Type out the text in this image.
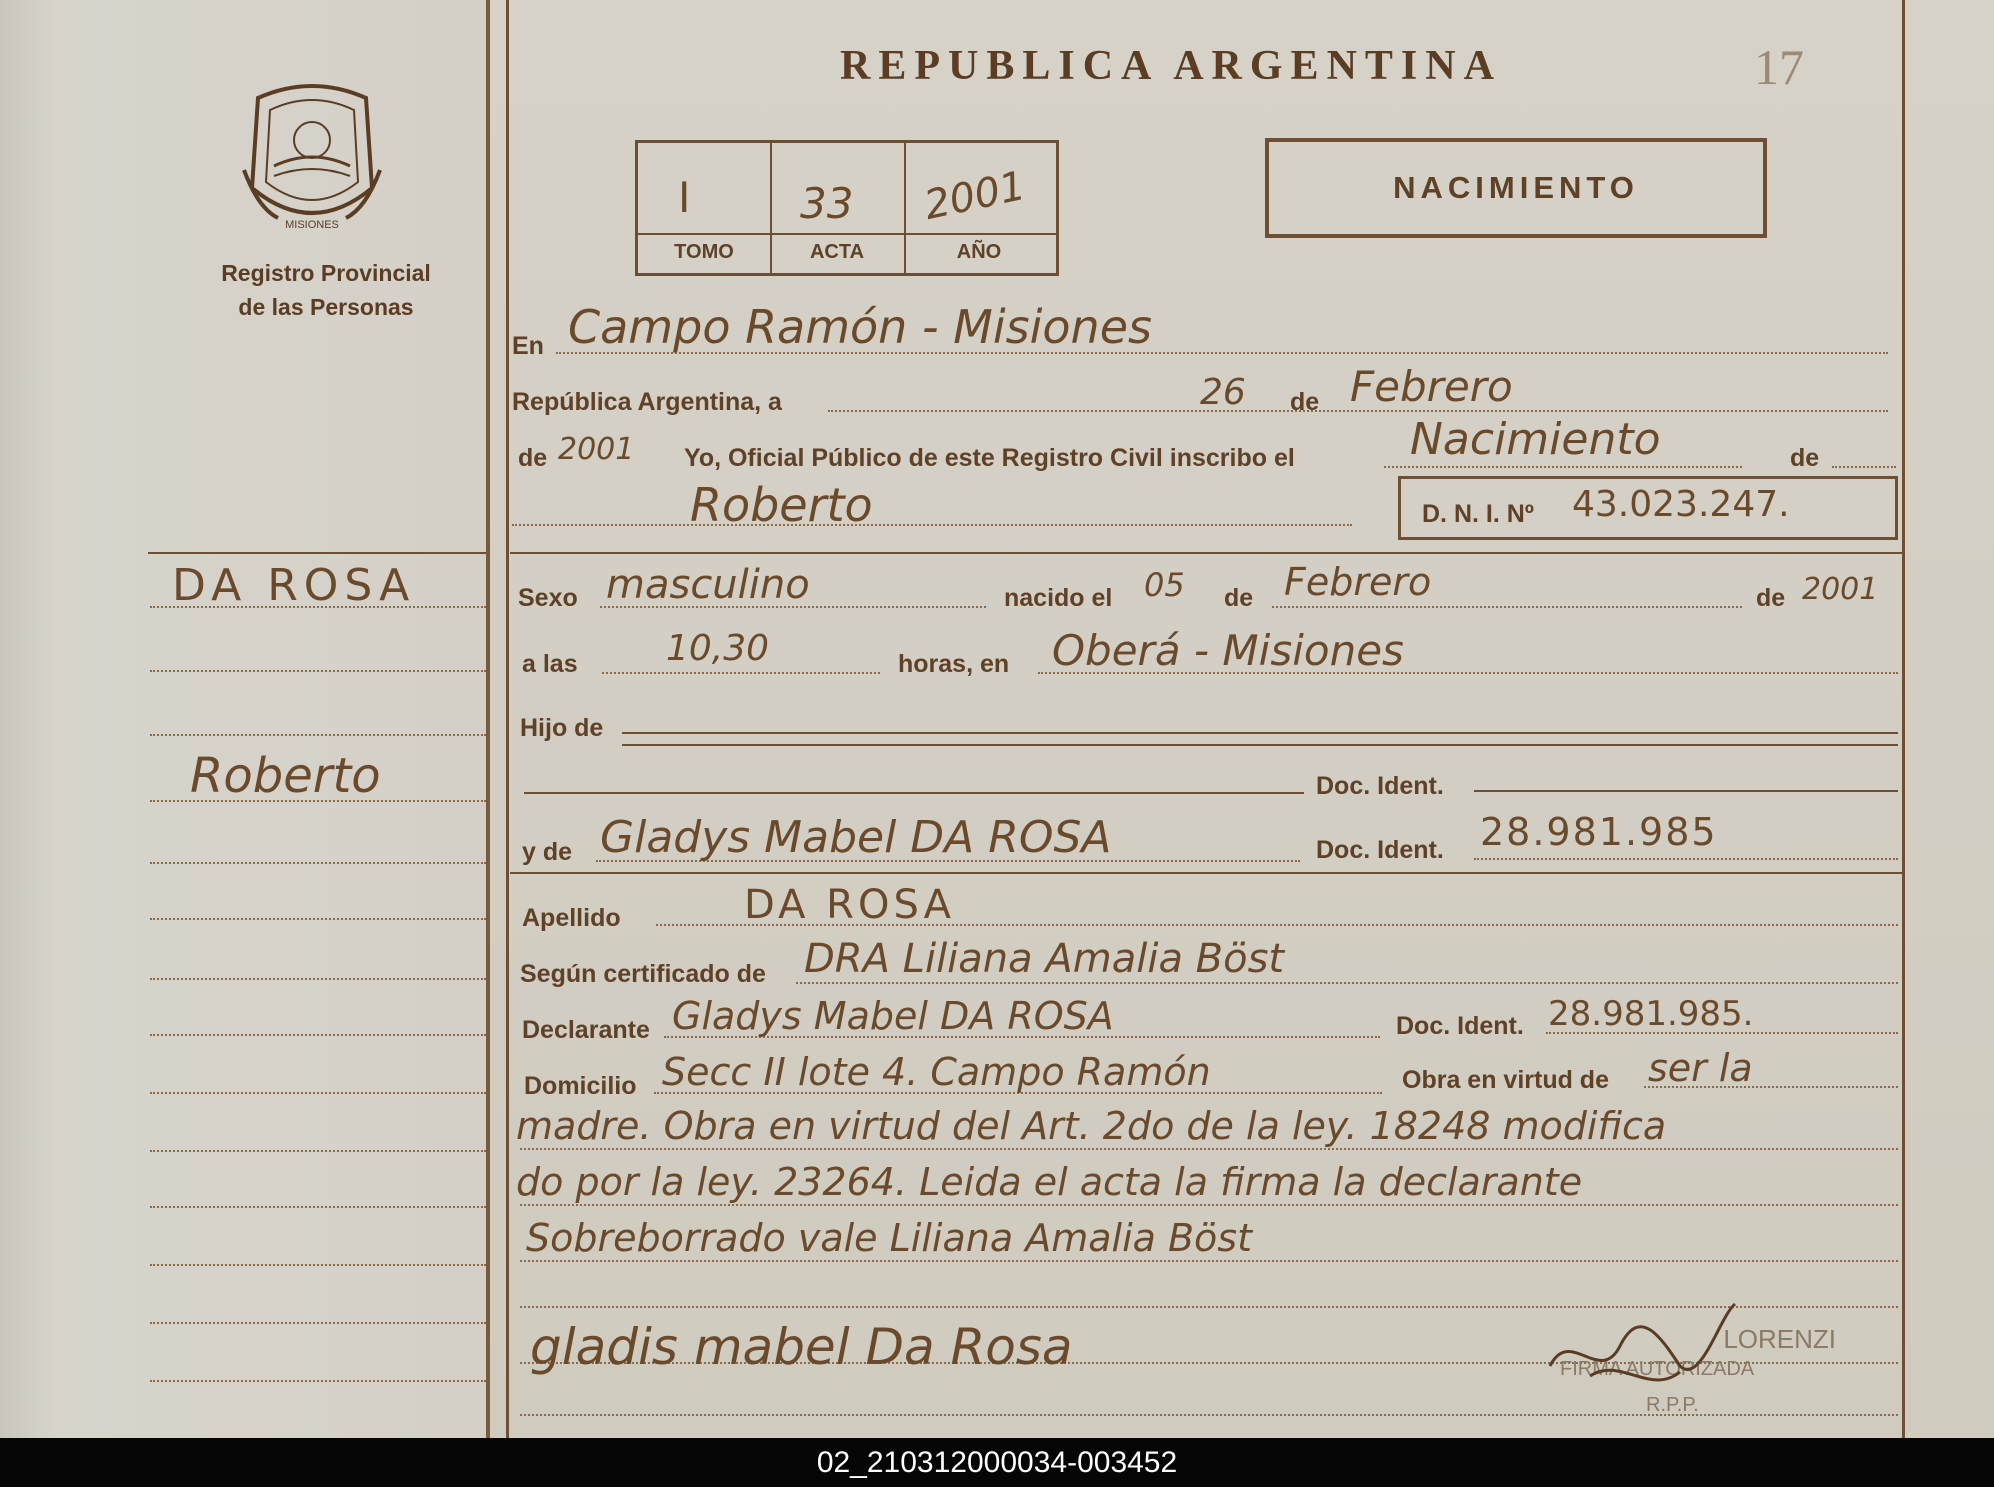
MISIONES
Registro Provincial
de las Personas
DA ROSA
Roberto
REPUBLICA ARGENTINA	17
I	33 2001
TOMO	ACTA	AÑO
NACIMIENTO
En Campo Ramón - Misiones
República Argentina, a	26 de Febrero
de 2001 Yo, Oficial Público de este Registro Civil inscribo el	Nacimiento	de
Roberto	D. N. I. Nº 43.023.247.
Sexo masculino	nacido el 05 de Febrero	de 2001
a las 10,30	horas, en Oberá - Misiones
Hijo de
Doc. Ident.
y de Gladys Mabel DA ROSA	Doc. Ident. 28.981.985
Apellido	DA ROSA
Según certificado de DRA Liliana Amalia Böst
Declarante Gladys Mabel DA ROSA	Doc. Ident. 28.981.985.
Domicilio Secc II lote 4. Campo Ramón	Obra en virtud de ser la
madre. Obra en virtud del Art. 2do de la ley. 18248 modifica
do por la ley. 23264. Leida el acta la firma la declarante
Sobreborrado vale Liliana Amalia Böst
gladis mabel Da Rosa	LORENZI
FIRMA AUTORIZADA
R.P.P.
02_210312000034-003452
